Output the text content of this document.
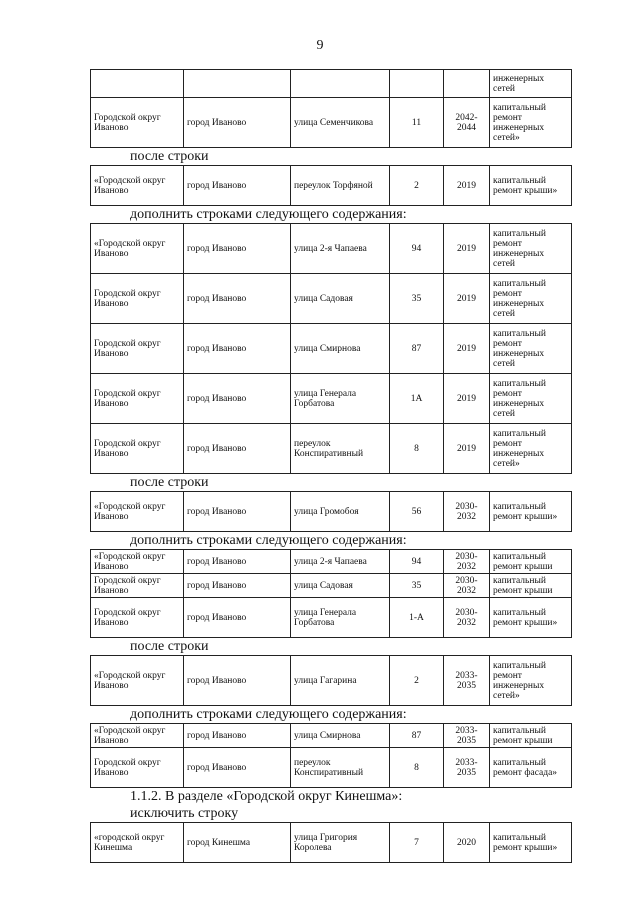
9
					инженерных сетей
Городской округ Иваново	город Иваново	улица Семенчикова	11	2042-2044	капитальный ремонт инженерных сетей»
после строки
«Городской округ Иваново	город Иваново	переулок Торфяной	2	2019	капитальный ремонт крыши»
дополнить строками следующего содержания:
«Городской округ Иваново	город Иваново	улица 2-я Чапаева	94	2019	капитальный ремонт инженерных сетей
Городской округ Иваново	город Иваново	улица Садовая	35	2019	капитальный ремонт инженерных сетей
Городской округ Иваново	город Иваново	улица Смирнова	87	2019	капитальный ремонт инженерных сетей
Городской округ Иваново	город Иваново	улица Генерала Горбатова	1А	2019	капитальный ремонт инженерных сетей
Городской округ Иваново	город Иваново	переулок Конспиративный	8	2019	капитальный ремонт инженерных сетей»
после строки
«Городской округ Иваново	город Иваново	улица Громобоя	56	2030-2032	капитальный ремонт крыши»
дополнить строками следующего содержания:
«Городской округ Иваново	город Иваново	улица 2-я Чапаева	94	2030-2032	капитальный ремонт крыши
Городской округ Иваново	город Иваново	улица Садовая	35	2030-2032	капитальный ремонт крыши
Городской округ Иваново	город Иваново	улица Генерала Горбатова	1-А	2030-2032	капитальный ремонт крыши»
после строки
«Городской округ Иваново	город Иваново	улица Гагарина	2	2033-2035	капитальный ремонт инженерных сетей»
дополнить строками следующего содержания:
«Городской округ Иваново	город Иваново	улица Смирнова	87	2033-2035	капитальный ремонт крыши
Городской округ Иваново	город Иваново	переулок Конспиративный	8	2033-2035	капитальный ремонт фасада»
1.1.2. В разделе «Городской округ Кинешма»:
исключить строку
«городской округ Кинешма	город Кинешма	улица Григория Королева	7	2020	капитальный ремонт крыши»
